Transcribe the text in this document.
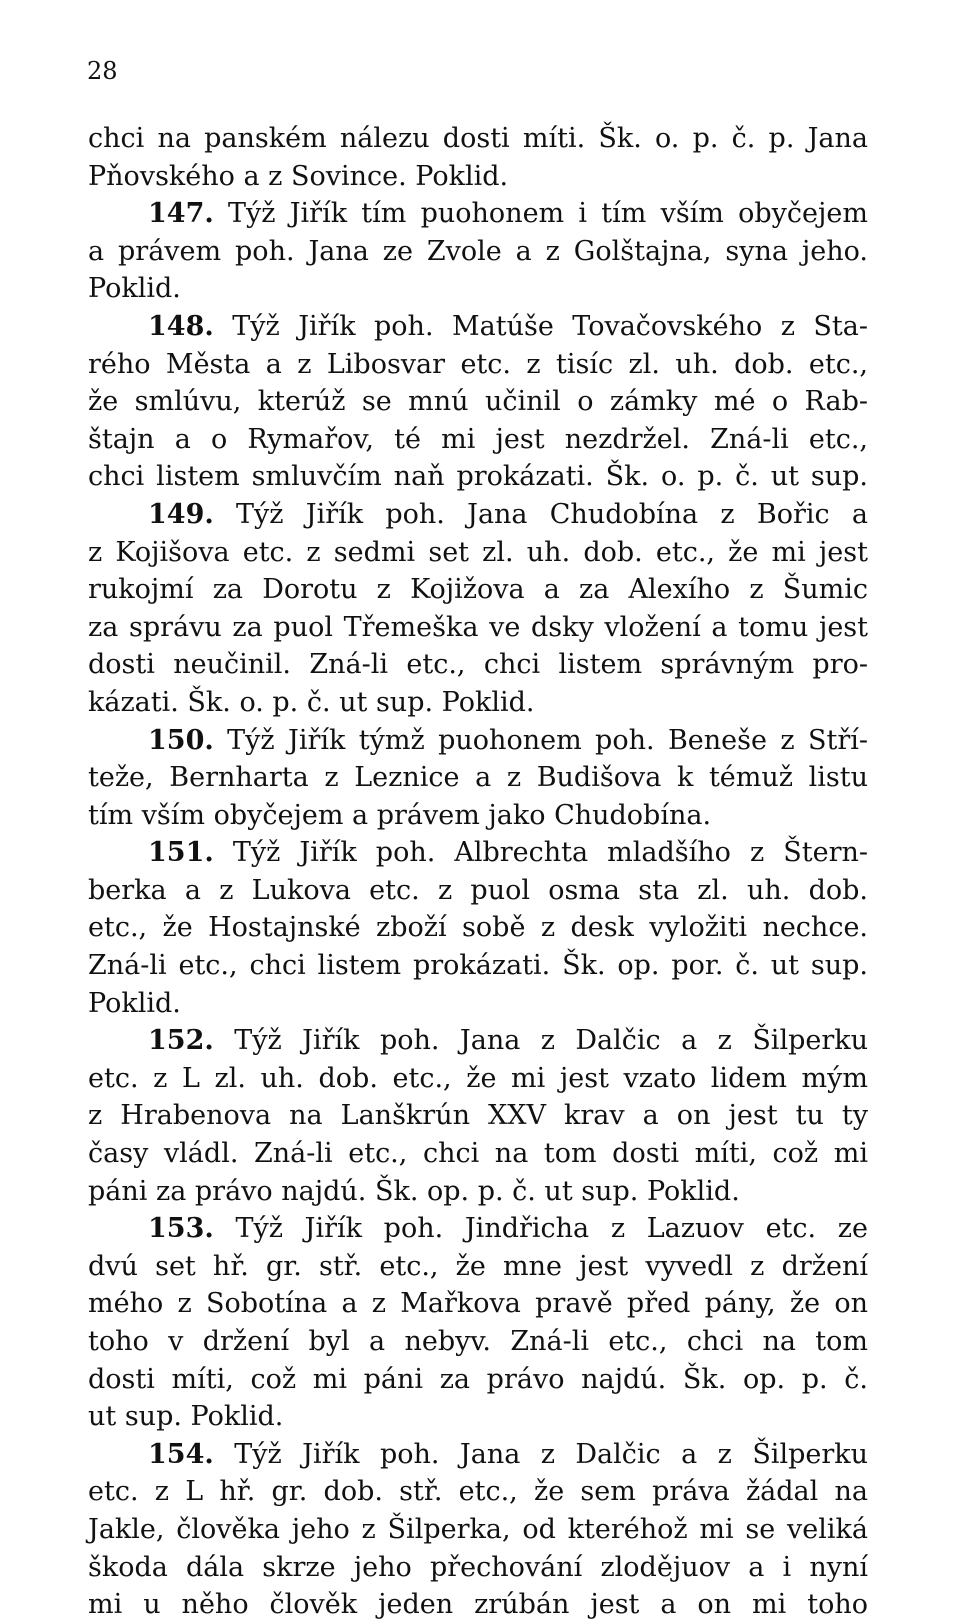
28
chci na panském nálezu dosti míti. Šk. o. p. č. p. Jana
Pňovského a z Sovince. Poklid.
147. Týž Jiřík tím puohonem i tím vším obyčejem
a právem poh. Jana ze Zvole a z Golštajna, syna jeho.
Poklid.
148. Týž Jiřík poh. Matúše Tovačovského z Sta-
rého Města a z Libosvar etc. z tisíc zl. uh. dob. etc.,
že smlúvu, kterúž se mnú učinil o zámky mé o Rab-
štajn a o Rymařov, té mi jest nezdržel. Zná-li etc.,
chci listem smluvčím naň prokázati. Šk. o. p. č. ut sup.
149. Týž Jiřík poh. Jana Chudobína z Bořic a
z Kojišova etc. z sedmi set zl. uh. dob. etc., že mi jest
rukojmí za Dorotu z Kojižova a za Alexího z Šumic
za správu za puol Třemeška ve dsky vložení a tomu jest
dosti neučinil. Zná-li etc., chci listem správným pro-
kázati. Šk. o. p. č. ut sup. Poklid.
150. Týž Jiřík týmž puohonem poh. Beneše z Stří-
teže, Bernharta z Leznice a z Budišova k témuž listu
tím vším obyčejem a právem jako Chudobína.
151. Týž Jiřík poh. Albrechta mladšího z Štern-
berka a z Lukova etc. z puol osma sta zl. uh. dob.
etc., že Hostajnské zboží sobě z desk vyložiti nechce.
Zná-li etc., chci listem prokázati. Šk. op. por. č. ut sup.
Poklid.
152. Týž Jiřík poh. Jana z Dalčic a z Šilperku
etc. z L zl. uh. dob. etc., že mi jest vzato lidem mým
z Hrabenova na Lanškrún XXV krav a on jest tu ty
časy vládl. Zná-li etc., chci na tom dosti míti, což mi
páni za právo najdú. Šk. op. p. č. ut sup. Poklid.
153. Týž Jiřík poh. Jindřicha z Lazuov etc. ze
dvú set hř. gr. stř. etc., že mne jest vyvedl z držení
mého z Sobotína a z Mařkova pravě před pány, že on
toho v držení byl a nebyv. Zná-li etc., chci na tom
dosti míti, což mi páni za právo najdú. Šk. op. p. č.
ut sup. Poklid.
154. Týž Jiřík poh. Jana z Dalčic a z Šilperku
etc. z L hř. gr. dob. stř. etc., že sem práva žádal na
Jakle, člověka jeho z Šilperka, od kteréhož mi se veliká
škoda dála skrze jeho přechování zlodějuov a i nyní
mi u něho člověk jeden zrúbán jest a on mi toho
